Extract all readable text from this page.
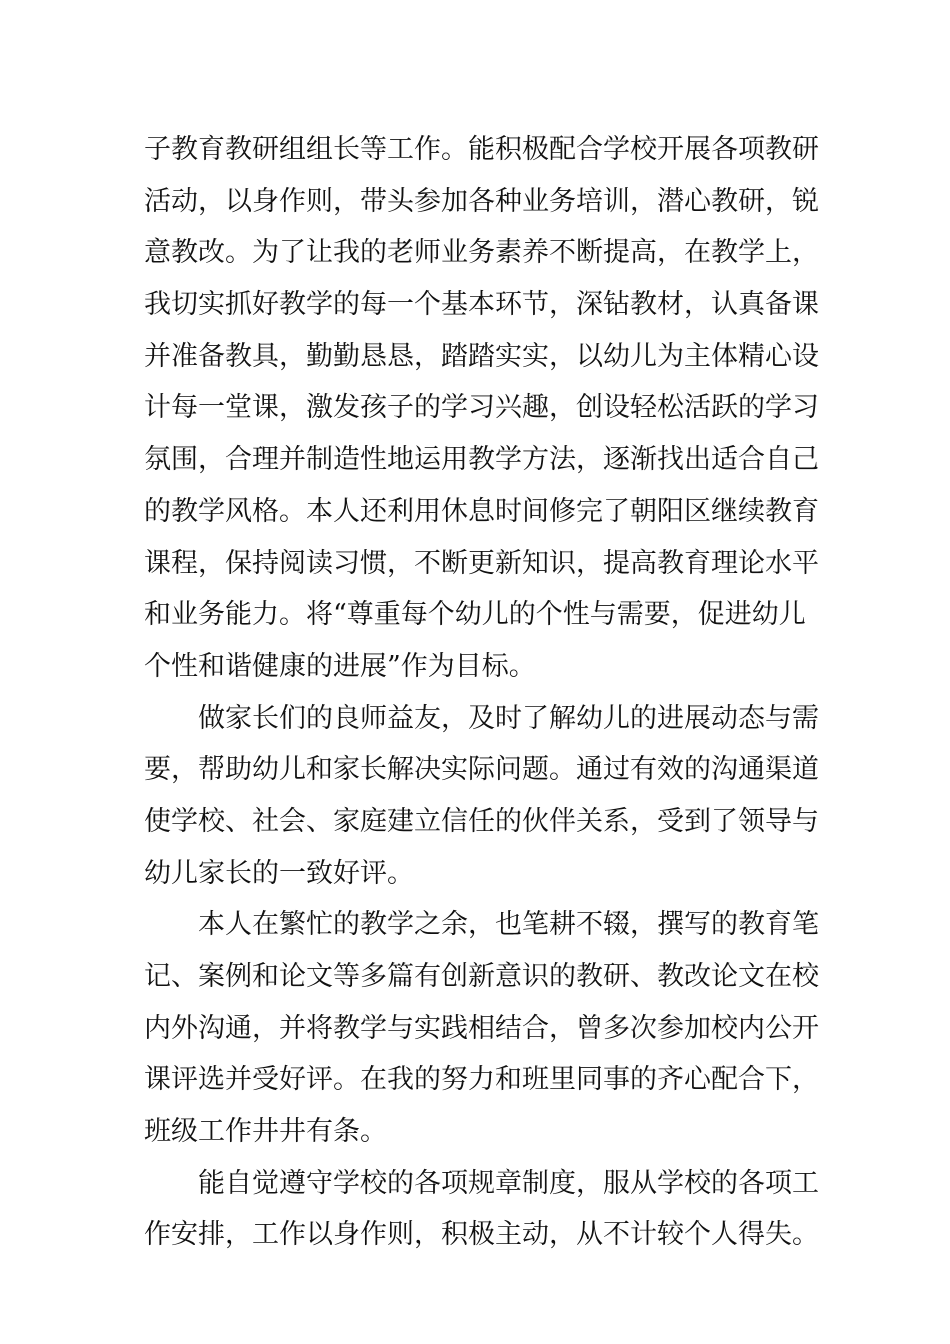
子教育教研组组长等工作。能积极配合学校开展各项教研
活动，以身作则，带头参加各种业务培训，潜心教研，锐
意教改。为了让我的老师业务素养不断提高，在教学上，
我切实抓好教学的每一个基本环节，深钻教材，认真备课
并准备教具，勤勤恳恳，踏踏实实，以幼儿为主体精心设
计每一堂课，激发孩子的学习兴趣，创设轻松活跃的学习
氛围，合理并制造性地运用教学方法，逐渐找出适合自己
的教学风格。本人还利用休息时间修完了朝阳区继续教育
课程，保持阅读习惯，不断更新知识，提高教育理论水平
和业务能力。将“尊重每个幼儿的个性与需要，促进幼儿
个性和谐健康的进展”作为目标。
做家长们的良师益友，及时了解幼儿的进展动态与需
要，帮助幼儿和家长解决实际问题。通过有效的沟通渠道
使学校、社会、家庭建立信任的伙伴关系，受到了领导与
幼儿家长的一致好评。
本人在繁忙的教学之余，也笔耕不辍，撰写的教育笔
记、案例和论文等多篇有创新意识的教研、教改论文在校
内外沟通，并将教学与实践相结合，曾多次参加校内公开
课评选并受好评。在我的努力和班里同事的齐心配合下，
班级工作井井有条。
能自觉遵守学校的各项规章制度，服从学校的各项工
作安排，工作以身作则，积极主动，从不计较个人得失。
